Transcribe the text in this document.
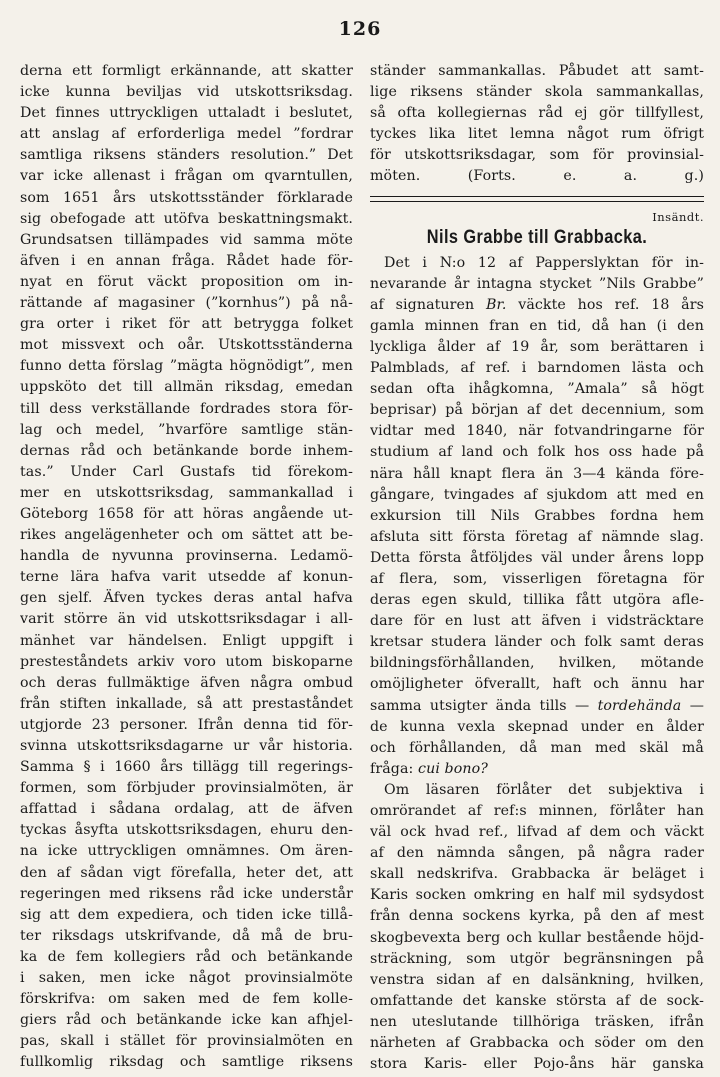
126
derna ett formligt erkännande, att skatter
icke kunna beviljas vid utskottsriksdag.
Det finnes uttryckligen uttaladt i beslutet,
att anslag af erforderliga medel ”fordrar
samtliga riksens ständers resolution.” Det
var icke allenast i frågan om qvarntullen,
som 1651 års utskottsständer förklarade
sig obefogade att utöfva beskattningsmakt.
Grundsatsen tillämpades vid samma möte
äfven i en annan fråga. Rådet hade för-
nyat en förut väckt proposition om in-
rättande af magasiner (”kornhus”) på nå-
gra orter i riket för att betrygga folket
mot missvext och oår. Utskottsständerna
funno detta förslag ”mägta högnödigt”, men
uppsköto det till allmän riksdag, emedan
till dess verkställande fordrades stora för-
lag och medel, ”hvarföre samtlige stän-
dernas råd och betänkande borde inhem-
tas.” Under Carl Gustafs tid förekom-
mer en utskottsriksdag, sammankallad i
Göteborg 1658 för att höras angående ut-
rikes angelägenheter och om sättet att be-
handla de nyvunna provinserna. Ledamö-
terne lära hafva varit utsedde af konun-
gen sjelf. Äfven tyckes deras antal hafva
varit större än vid utskottsriksdagar i all-
mänhet var händelsen. Enligt uppgift i
presteståndets arkiv voro utom biskoparne
och deras fullmäktige äfven några ombud
från stiften inkallade, så att prestaståndet
utgjorde 23 personer. Ifrån denna tid för-
svinna utskottsriksdagarne ur vår historia.
Samma § i 1660 års tillägg till regerings-
formen, som förbjuder provinsialmöten, är
affattad i sådana ordalag, att de äfven
tyckas åsyfta utskottsriksdagen, ehuru den-
na icke uttryckligen omnämnes. Om ären-
den af sådan vigt förefalla, heter det, att
regeringen med riksens råd icke understår
sig att dem expediera, och tiden icke tillå-
ter riksdags utskrifvande, då må de bru-
ka de fem kollegiers råd och betänkande
i saken, men icke något provinsialmöte
förskrifva: om saken med de fem kolle-
giers råd och betänkande icke kan afhjel-
pas, skall i stället för provinsialmöten en
fullkomlig riksdag och samtlige riksens
ständer sammankallas. Påbudet att samt-
lige riksens ständer skola sammankallas,
så ofta kollegiernas råd ej gör tillfyllest,
tyckes lika litet lemna något rum öfrigt
för utskottsriksdagar, som för provinsial-
möten. (Forts. e. a. g.)
Insändt.
Nils Grabbe till Grabbacka.
Det i N:o 12 af Papperslyktan för in-
nevarande år intagna stycket ”Nils Grabbe”
af signaturen Br. väckte hos ref. 18 års
gamla minnen fran en tid, då han (i den
lyckliga ålder af 19 år, som berättaren i
Palmblads, af ref. i barndomen lästa och
sedan ofta ihågkomna, ”Amala” så högt
beprisar) på början af det decennium, som
vidtar med 1840, när fotvandringarne för
studium af land och folk hos oss hade på
nära håll knapt flera än 3—4 kända före-
gångare, tvingades af sjukdom att med en
exkursion till Nils Grabbes fordna hem
afsluta sitt första företag af nämnde slag.
Detta första åtföljdes väl under årens lopp
af flera, som, visserligen företagna för
deras egen skuld, tillika fått utgöra afle-
dare för en lust att äfven i vidsträcktare
kretsar studera länder och folk samt deras
bildningsförhållanden, hvilken, mötande
omöjligheter öfverallt, haft och ännu har
samma utsigter ända tills — tordehända —
de kunna vexla skepnad under en ålder
och förhållanden, då man med skäl må
fråga: cui bono?
Om läsaren förlåter det subjektiva i
omrörandet af ref:s minnen, förlåter han
väl ock hvad ref., lifvad af dem och väckt
af den nämnda sången, på några rader
skall nedskrifva. Grabbacka är beläget i
Karis socken omkring en half mil sydsydost
från denna sockens kyrka, på den af mest
skogbevexta berg och kullar bestående höjd-
sträckning, som utgör begränsningen på
venstra sidan af en dalsänkning, hvilken,
omfattande det kanske största af de sock-
nen uteslutande tillhöriga träsken, ifrån
närheten af Grabbacka och söder om den
stora Karis- eller Pojo-åns här ganska
